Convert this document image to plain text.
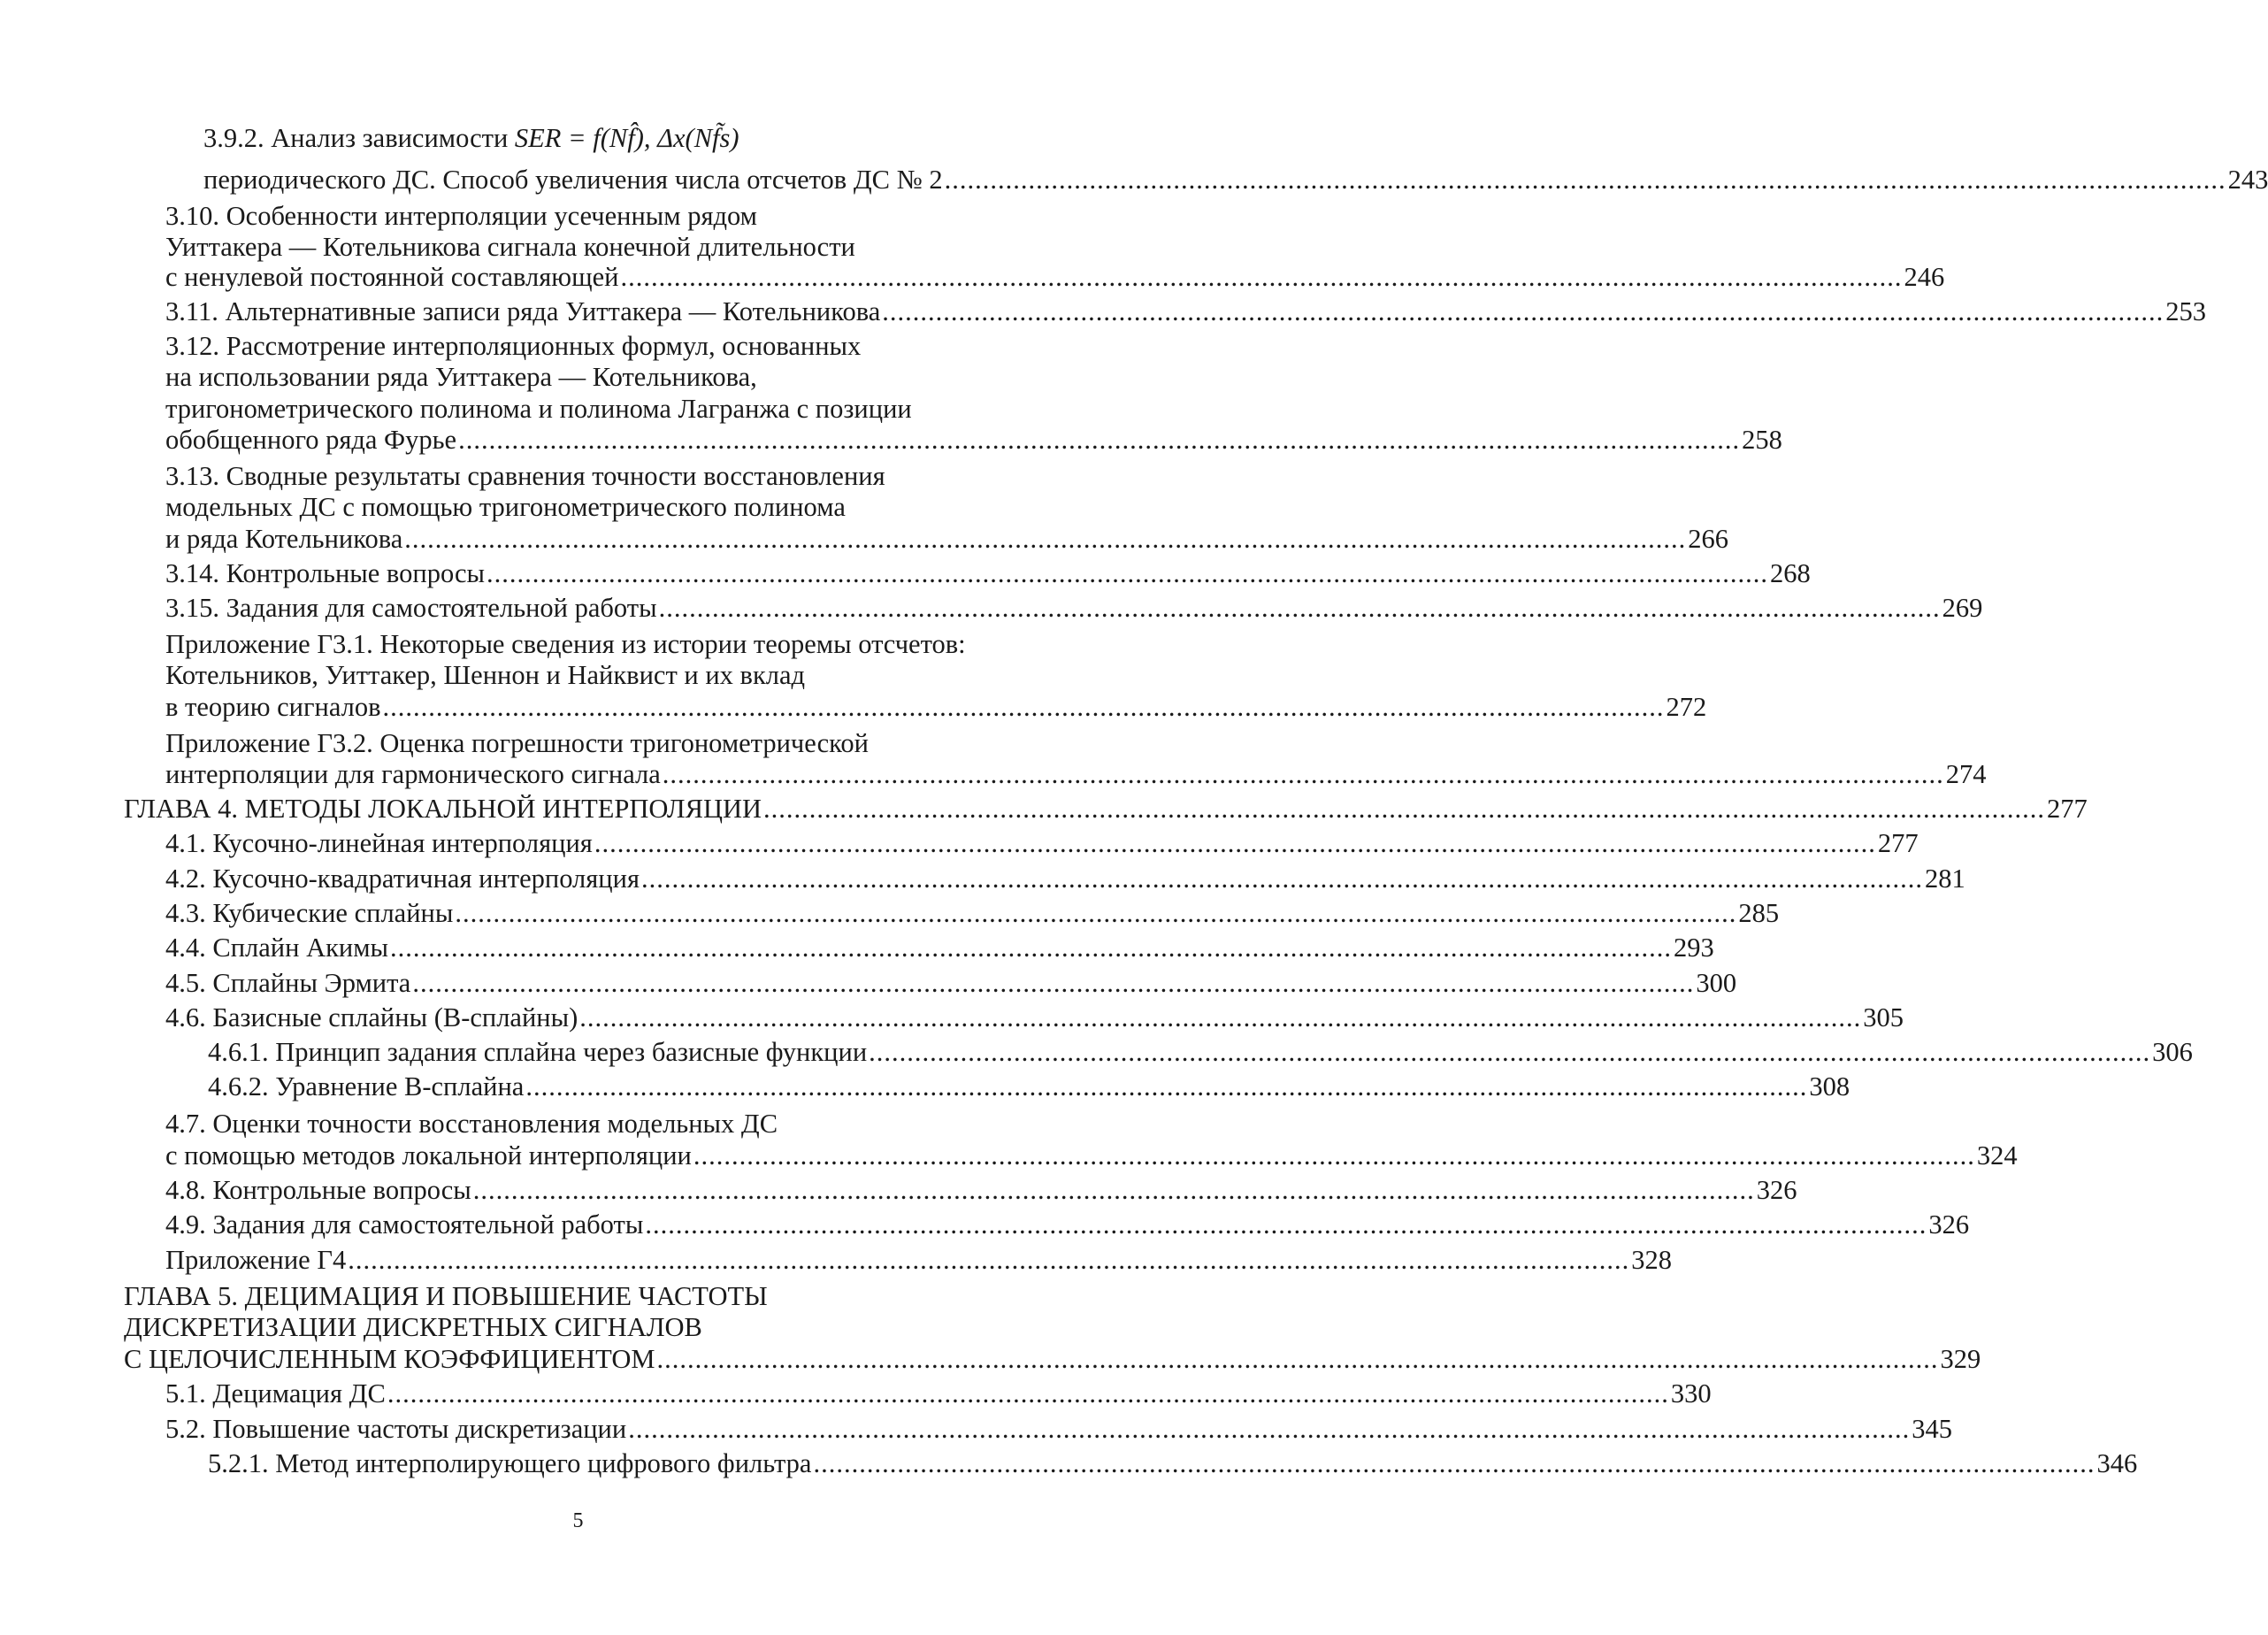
3.9.2. Анализ зависимости SER = f(Nf̂), Δx(Nf̃s)
периодического ДС. Способ увеличения числа отсчетов ДС № 2 ........................................................................................................................................................................ 243
3.10. Особенности интерполяции усеченным рядом
Уиттакера — Котельникова сигнала конечной длительности
с ненулевой постоянной составляющей ........................................................................................................................................................................ 246
3.11. Альтернативные записи ряда Уиттакера — Котельникова ........................................................................................................................................................................ 253
3.12. Рассмотрение интерполяционных формул, основанных
на использовании ряда Уиттакера — Котельникова,
тригонометрического полинома и полинома Лагранжа с позиции
обобщенного ряда Фурье ........................................................................................................................................................................ 258
3.13. Сводные результаты сравнения точности восстановления
модельных ДС с помощью тригонометрического полинома
и ряда Котельникова ........................................................................................................................................................................ 266
3.14. Контрольные вопросы ........................................................................................................................................................................ 268
3.15. Задания для самостоятельной работы ........................................................................................................................................................................ 269
Приложение Г3.1. Некоторые сведения из истории теоремы отсчетов:
Котельников, Уиттакер, Шеннон и Найквист и их вклад
в теорию сигналов ........................................................................................................................................................................ 272
Приложение Г3.2. Оценка погрешности тригонометрической
интерполяции для гармонического сигнала ........................................................................................................................................................................ 274
ГЛАВА 4. МЕТОДЫ ЛОКАЛЬНОЙ ИНТЕРПОЛЯЦИИ ........................................................................................................................................................................ 277
4.1. Кусочно-линейная интерполяция ........................................................................................................................................................................ 277
4.2. Кусочно-квадратичная интерполяция ........................................................................................................................................................................ 281
4.3. Кубические сплайны ........................................................................................................................................................................ 285
4.4. Сплайн Акимы ........................................................................................................................................................................ 293
4.5. Сплайны Эрмита ........................................................................................................................................................................ 300
4.6. Базисные сплайны (B-сплайны) ........................................................................................................................................................................ 305
4.6.1. Принцип задания сплайна через базисные функции ........................................................................................................................................................................ 306
4.6.2. Уравнение B-сплайна ........................................................................................................................................................................ 308
4.7. Оценки точности восстановления модельных ДС
с помощью методов локальной интерполяции ........................................................................................................................................................................ 324
4.8. Контрольные вопросы ........................................................................................................................................................................ 326
4.9. Задания для самостоятельной работы ........................................................................................................................................................................ 326
Приложение Г4 ........................................................................................................................................................................ 328
ГЛАВА 5. ДЕЦИМАЦИЯ И ПОВЫШЕНИЕ ЧАСТОТЫ
ДИСКРЕТИЗАЦИИ ДИСКРЕТНЫХ СИГНАЛОВ
С ЦЕЛОЧИСЛЕННЫМ КОЭФФИЦИЕНТОМ ........................................................................................................................................................................ 329
5.1. Децимация ДС ........................................................................................................................................................................ 330
5.2. Повышение частоты дискретизации ........................................................................................................................................................................ 345
5.2.1. Метод интерполирующего цифрового фильтра ........................................................................................................................................................................ 346
5
